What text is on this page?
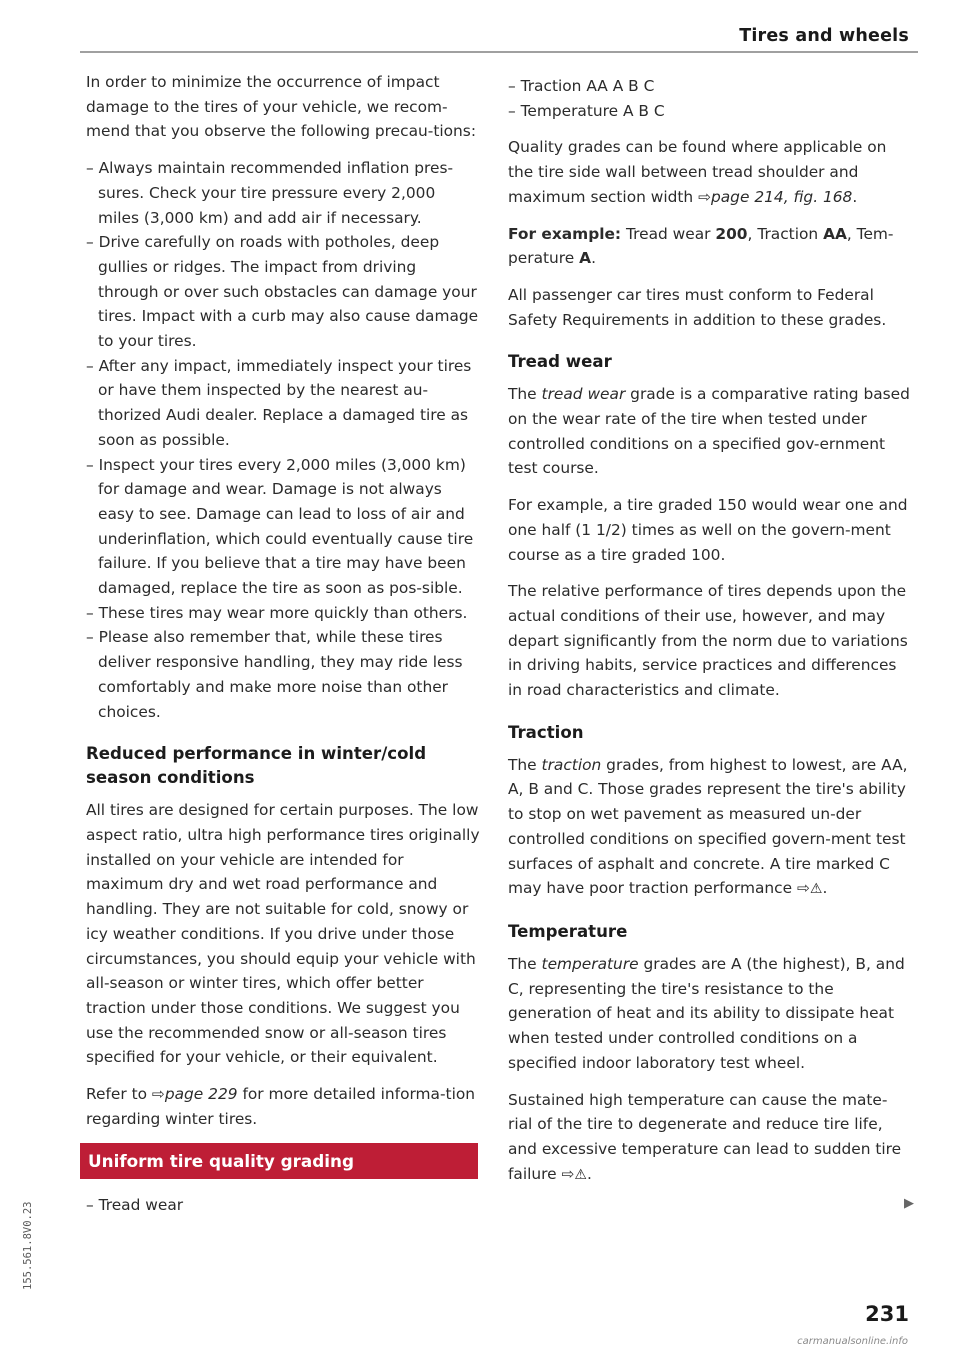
Tires and wheels
155.561.8V0.23

In order to minimize the occurrence of impact damage to the tires of your vehicle, we recom-mend that you observe the following precau-tions:

– Always maintain recommended inflation pres-sures. Check your tire pressure every 2,000 miles (3,000 km) and add air if necessary.
– Drive carefully on roads with potholes, deep gullies or ridges. The impact from driving through or over such obstacles can damage your tires. Impact with a curb may also cause damage to your tires.
– After any impact, immediately inspect your tires or have them inspected by the nearest au-thorized Audi dealer. Replace a damaged tire as soon as possible.
– Inspect your tires every 2,000 miles (3,000 km) for damage and wear. Damage is not always easy to see. Damage can lead to loss of air and underinflation, which could eventually cause tire failure. If you believe that a tire may have been damaged, replace the tire as soon as pos-sible.
– These tires may wear more quickly than others.
– Please also remember that, while these tires deliver responsive handling, they may ride less comfortably and make more noise than other choices.
Reduced performance in winter/cold season conditions

All tires are designed for certain purposes. The low aspect ratio, ultra high performance tires originally installed on your vehicle are intended for maximum dry and wet road performance and handling. They are not suitable for cold, snowy or icy weather conditions. If you drive under those circumstances, you should equip your vehicle with all-season or winter tires, which offer better traction under those conditions. We suggest you use the recommended snow or all-season tires specified for your vehicle, or their equivalent.

Refer to ⇨page 229 for more detailed informa-tion regarding winter tires.

Uniform tire quality grading
– Tread wear
– Traction AA A B C
– Temperature A B C

Quality grades can be found where applicable on the tire side wall between tread shoulder and maximum section width ⇨page 214, fig. 168.

For example: Tread wear 200, Traction AA, Tem-perature A.

All passenger car tires must conform to Federal Safety Requirements in addition to these grades.

Tread wear

The tread wear grade is a comparative rating based on the wear rate of the tire when tested under controlled conditions on a specified gov-ernment test course.

For example, a tire graded 150 would wear one and one half (1 1/2) times as well on the govern-ment course as a tire graded 100.

The relative performance of tires depends upon the actual conditions of their use, however, and may depart significantly from the norm due to variations in driving habits, service practices and differences in road characteristics and climate.

Traction

The traction grades, from highest to lowest, are AA, A, B and C. Those grades represent the tire's ability to stop on wet pavement as measured un-der controlled conditions on specified govern-ment test surfaces of asphalt and concrete. A tire marked C may have poor traction performance ⇨⚠.

Temperature

The temperature grades are A (the highest), B, and C, representing the tire's resistance to the generation of heat and its ability to dissipate heat when tested under controlled conditions on a specified indoor laboratory test wheel.

Sustained high temperature can cause the mate-rial of the tire to degenerate and reduce tire life, and excessive temperature can lead to sudden tire failure ⇨⚠.

▶
231
carmanualsonline.info
